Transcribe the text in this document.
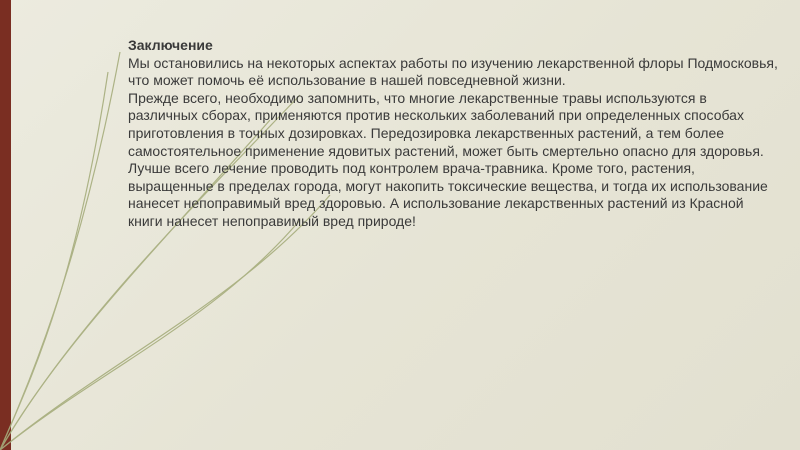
Заключение
Мы остановились на некоторых аспектах работы по изучению лекарственной флоры Подмосковья, что может помочь её использование в нашей повседневной жизни.
Прежде всего, необходимо запомнить, что многие лекарственные травы используются в различных сборах, применяются против нескольких заболеваний при определенных способах приготовления в точных дозировках. Передозировка лекарственных растений, а тем более самостоятельное применение ядовитых растений, может быть смертельно опасно для здоровья. Лучше всего лечение проводить под контролем врача-травника. Кроме того, растения, выращенные в пределах города, могут накопить токсические вещества, и тогда их использование нанесет непоправимый вред здоровью. А использование лекарственных растений из Красной книги нанесет непоправимый вред природе!
